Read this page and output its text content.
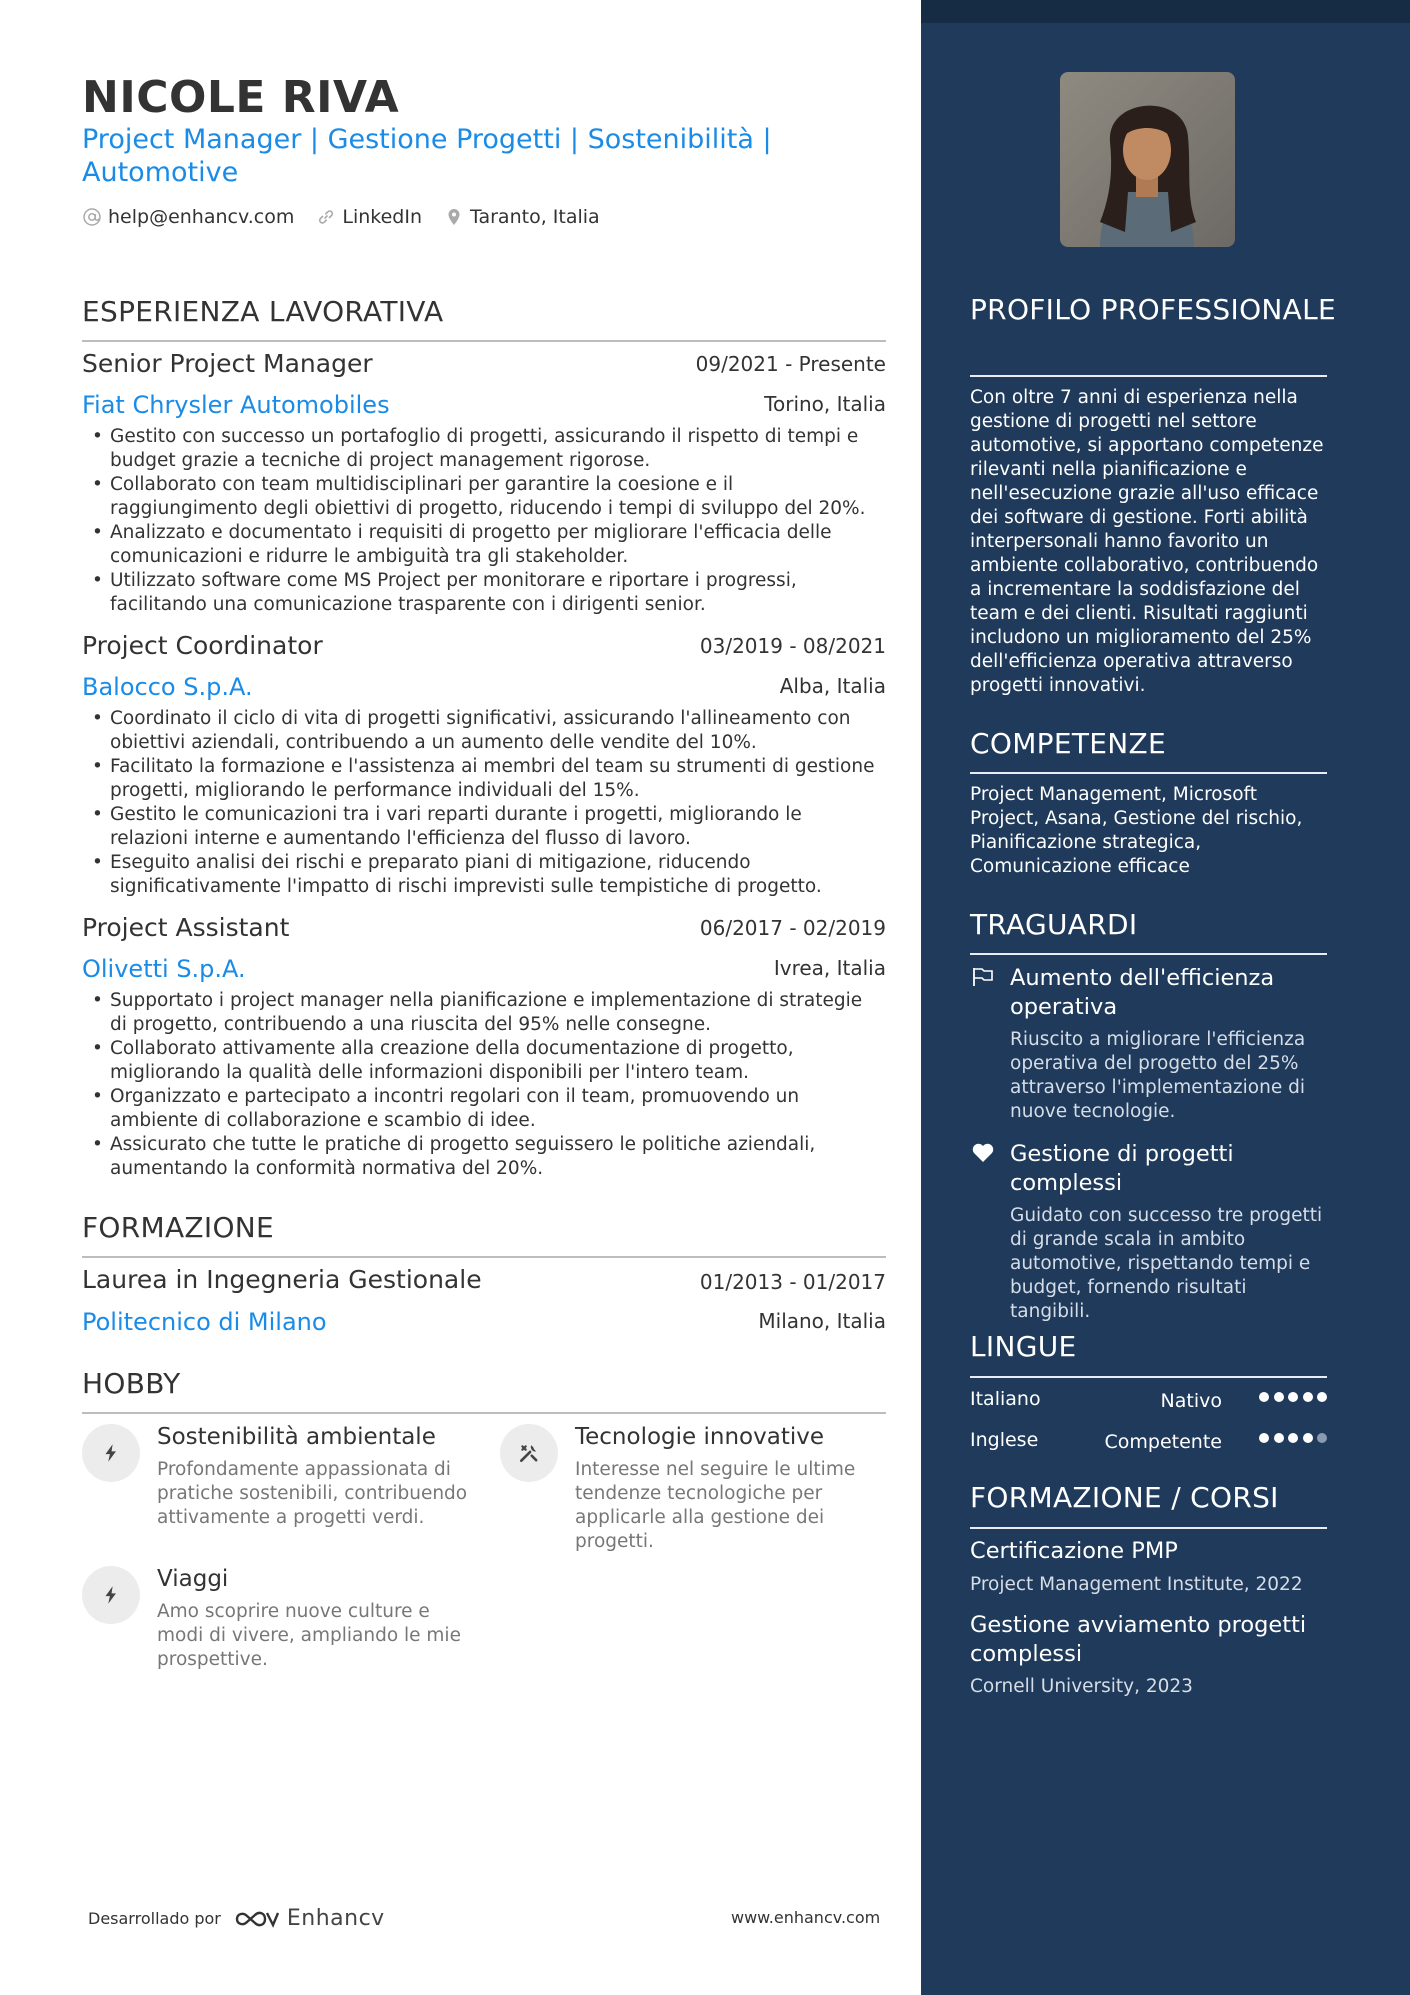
NICOLE RIVA
Project Manager | Gestione Progetti | Sostenibilità | Automotive
help@enhancv.com	LinkedIn	Taranto, Italia
ESPERIENZA LAVORATIVA
Senior Project Manager	09/2021 - Presente
Fiat Chrysler Automobiles	Torino, Italia
• Gestito con successo un portafoglio di progetti, assicurando il rispetto di tempi e budget grazie a tecniche di project management rigorose.
• Collaborato con team multidisciplinari per garantire la coesione e il raggiungimento degli obiettivi di progetto, riducendo i tempi di sviluppo del 20%.
• Analizzato e documentato i requisiti di progetto per migliorare l'efficacia delle comunicazioni e ridurre le ambiguità tra gli stakeholder.
• Utilizzato software come MS Project per monitorare e riportare i progressi, facilitando una comunicazione trasparente con i dirigenti senior.
Project Coordinator	03/2019 - 08/2021
Balocco S.p.A.	Alba, Italia
• Coordinato il ciclo di vita di progetti significativi, assicurando l'allineamento con obiettivi aziendali, contribuendo a un aumento delle vendite del 10%.
• Facilitato la formazione e l'assistenza ai membri del team su strumenti di gestione progetti, migliorando le performance individuali del 15%.
• Gestito le comunicazioni tra i vari reparti durante i progetti, migliorando le relazioni interne e aumentando l'efficienza del flusso di lavoro.
• Eseguito analisi dei rischi e preparato piani di mitigazione, riducendo significativamente l'impatto di rischi imprevisti sulle tempistiche di progetto.
Project Assistant	06/2017 - 02/2019
Olivetti S.p.A.	Ivrea, Italia
• Supportato i project manager nella pianificazione e implementazione di strategie di progetto, contribuendo a una riuscita del 95% nelle consegne.
• Collaborato attivamente alla creazione della documentazione di progetto, migliorando la qualità delle informazioni disponibili per l'intero team.
• Organizzato e partecipato a incontri regolari con il team, promuovendo un ambiente di collaborazione e scambio di idee.
• Assicurato che tutte le pratiche di progetto seguissero le politiche aziendali, aumentando la conformità normativa del 20%.
FORMAZIONE
Laurea in Ingegneria Gestionale	01/2013 - 01/2017
Politecnico di Milano	Milano, Italia
HOBBY
Sostenibilità ambientale
Profondamente appassionata di pratiche sostenibili, contribuendo attivamente a progetti verdi.
Tecnologie innovative
Interesse nel seguire le ultime tendenze tecnologiche per applicarle alla gestione dei progetti.
Viaggi
Amo scoprire nuove culture e modi di vivere, ampliando le mie prospettive.
Desarrollado por	Enhancv	www.enhancv.com
PROFILO PROFESSIONALE
Con oltre 7 anni di esperienza nella gestione di progetti nel settore automotive, si apportano competenze rilevanti nella pianificazione e nell'esecuzione grazie all'uso efficace dei software di gestione. Forti abilità interpersonali hanno favorito un ambiente collaborativo, contribuendo a incrementare la soddisfazione del team e dei clienti. Risultati raggiunti includono un miglioramento del 25% dell'efficienza operativa attraverso progetti innovativi.
COMPETENZE
Project Management, Microsoft Project, Asana, Gestione del rischio, Pianificazione strategica, Comunicazione efficace
TRAGUARDI
Aumento dell'efficienza operativa
Riuscito a migliorare l'efficienza operativa del progetto del 25% attraverso l'implementazione di nuove tecnologie.
Gestione di progetti complessi
Guidato con successo tre progetti di grande scala in ambito automotive, rispettando tempi e budget, fornendo risultati tangibili.
LINGUE
Italiano	Nativo
Inglese	Competente
FORMAZIONE / CORSI
Certificazione PMP
Project Management Institute, 2022
Gestione avviamento progetti complessi
Cornell University, 2023
